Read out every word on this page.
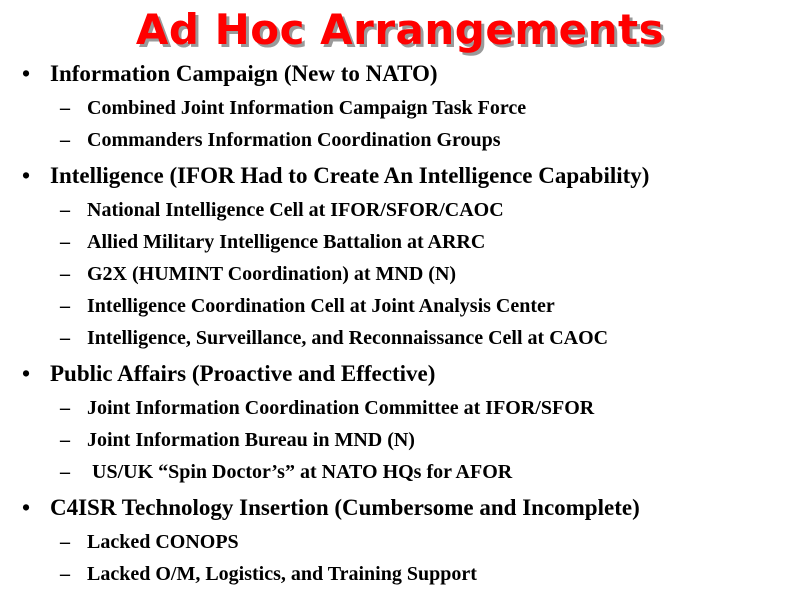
Ad Hoc Arrangements
• Information Campaign (New to NATO)
– Combined Joint Information Campaign Task Force
– Commanders Information Coordination Groups
• Intelligence (IFOR Had to Create An Intelligence Capability)
– National Intelligence Cell at IFOR/SFOR/CAOC
– Allied Military Intelligence Battalion at ARRC
– G2X (HUMINT Coordination) at MND (N)
– Intelligence Coordination Cell at Joint Analysis Center
– Intelligence, Surveillance, and Reconnaissance Cell at CAOC
• Public Affairs (Proactive and Effective)
– Joint Information Coordination Committee at IFOR/SFOR
– Joint Information Bureau in MND (N)
– US/UK “Spin Doctor’s” at NATO HQs for AFOR
• C4ISR Technology Insertion (Cumbersome and Incomplete)
– Lacked CONOPS
– Lacked O/M, Logistics, and Training Support
